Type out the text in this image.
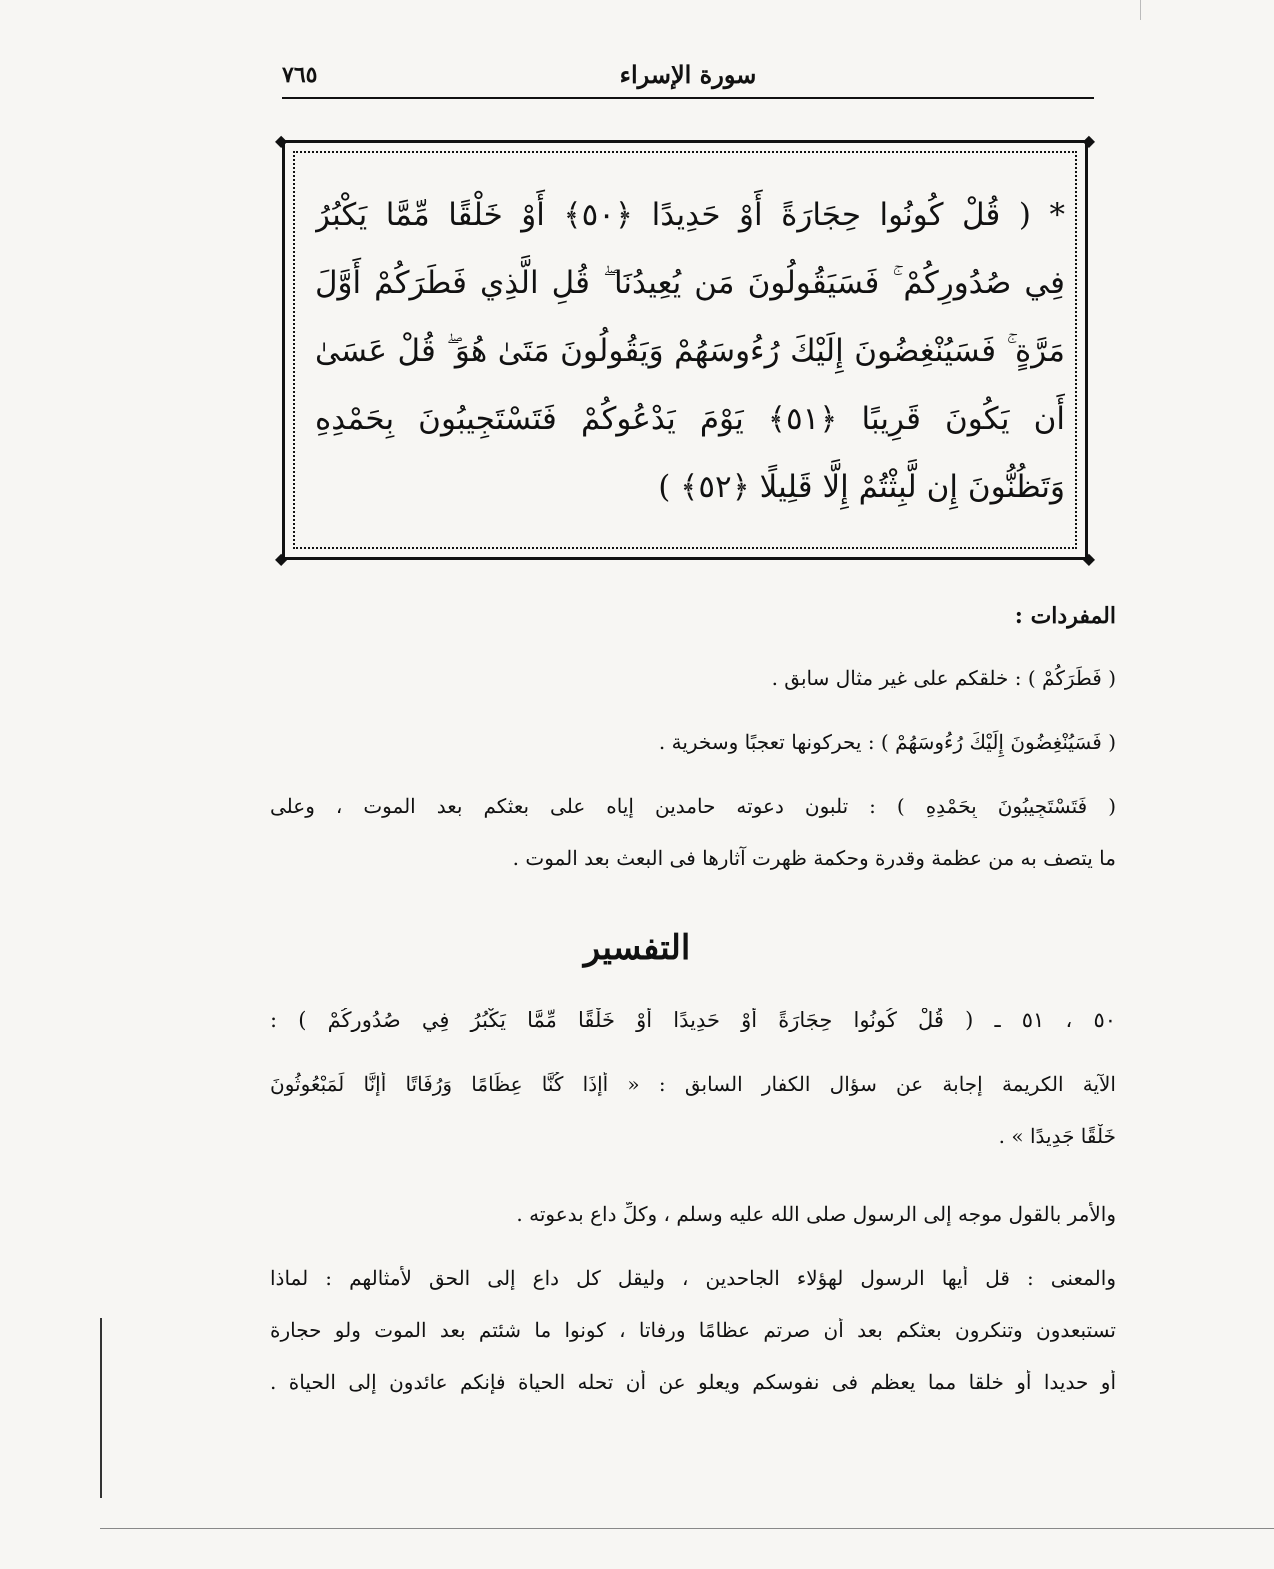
٧٦٥	سورة الإسراء
◆	◆
◆	◆
* ( قُلْ كُونُوا حِجَارَةً أَوْ حَدِيدًا ﴿٥٠﴾ أَوْ خَلْقًا مِّمَّا يَكْبُرُ
فِي صُدُورِكُمْ ۚ فَسَيَقُولُونَ مَن يُعِيدُنَا ۖ قُلِ الَّذِي فَطَرَكُمْ أَوَّلَ
مَرَّةٍ ۚ فَسَيُنْغِضُونَ إِلَيْكَ رُءُوسَهُمْ وَيَقُولُونَ مَتَىٰ هُوَ ۖ قُلْ عَسَىٰ
أَن يَكُونَ قَرِيبًا ﴿٥١﴾ يَوْمَ يَدْعُوكُمْ فَتَسْتَجِيبُونَ بِحَمْدِهِ
وَتَظُنُّونَ إِن لَّبِثْتُمْ إِلَّا قَلِيلًا ﴿٥٢﴾ )
المفردات :
( فَطَرَكُمْ ) : خلقكم على غير مثال سابق .
( فَسَيُنْغِضُونَ إِلَيْكَ رُءُوسَهُمْ ) : يحركونها تعجبًا وسخرية .
( فَتَسْتَجِيبُونَ بِحَمْدِهِ ) : تلبون دعوته حامدين إياه على بعثكم بعد الموت ، وعلى
ما يتصف به من عظمة وقدرة وحكمة ظهرت آثارها فى البعث بعد الموت .
التفسير
٥٠ ، ٥١ ـ ( قُلْ كُونُوا حِجَارَةً أَوْ حَدِيدًا أَوْ خَلْقًا مِّمَّا يَكْبُرُ فِي صُدُورِكُمْ ) :
الآية الكريمة إجابة عن سؤال الكفار السابق : « أَإِذَا كُنَّا عِظَامًا وَرُفَاتًا أَإِنَّا لَمَبْعُوثُونَ
خَلْقًا جَدِيدًا » .
والأمر بالقول موجه إلى الرسول صلى الله عليه وسلم ، وكلِّ داعٍ بدعوته .
والمعنى : قل أيها الرسول لهؤلاء الجاحدين ، وليقل كل داع إلى الحق لأمثالهم : لماذا
تستبعدون وتنكرون بعثكم بعد أن صرتم عظامًا ورفاتا ، كونوا ما شئتم بعد الموت ولو حجارة
أو حديدا أو خلقا مما يعظم فى نفوسكم ويعلو عن أن تحله الحياة فإنكم عائدون إلى الحياة .
